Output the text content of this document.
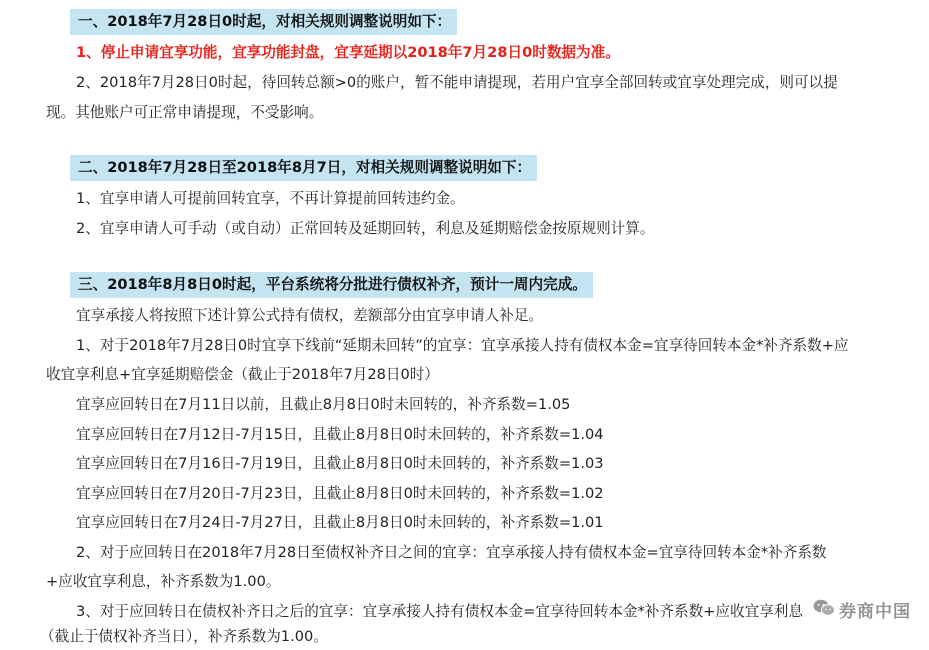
一、2018年7月28日0时起，对相关规则调整说明如下：
1、停止申请宜享功能，宜享功能封盘，宜享延期以2018年7月28日0时数据为准。
2、2018年7月28日0时起，待回转总额>0的账户，暂不能申请提现，若用户宜享全部回转或宜享处理完成，则可以提
现。其他账户可正常申请提现，不受影响。
二、2018年7月28日至2018年8月7日，对相关规则调整说明如下：
1、宜享申请人可提前回转宜享，不再计算提前回转违约金。
2、宜享申请人可手动（或自动）正常回转及延期回转，利息及延期赔偿金按原规则计算。
三、2018年8月8日0时起，平台系统将分批进行债权补齐，预计一周内完成。
宜享承接人将按照下述计算公式持有债权，差额部分由宜享申请人补足。
1、对于2018年7月28日0时宜享下线前“延期未回转”的宜享：宜享承接人持有债权本金=宜享待回转本金*补齐系数+应
收宜享利息+宜享延期赔偿金（截止于2018年7月28日0时）
宜享应回转日在7月11日以前，且截止8月8日0时未回转的，补齐系数=1.05
宜享应回转日在7月12日-7月15日，且截止8月8日0时未回转的，补齐系数=1.04
宜享应回转日在7月16日-7月19日，且截止8月8日0时未回转的，补齐系数=1.03
宜享应回转日在7月20日-7月23日，且截止8月8日0时未回转的，补齐系数=1.02
宜享应回转日在7月24日-7月27日，且截止8月8日0时未回转的，补齐系数=1.01
2、对于应回转日在2018年7月28日至债权补齐日之间的宜享：宜享承接人持有债权本金=宜享待回转本金*补齐系数
+应收宜享利息，补齐系数为1.00。
3、对于应回转日在债权补齐日之后的宜享：宜享承接人持有债权本金=宜享待回转本金*补齐系数+应收宜享利息
（截止于债权补齐当日），补齐系数为1.00。
券商中国
